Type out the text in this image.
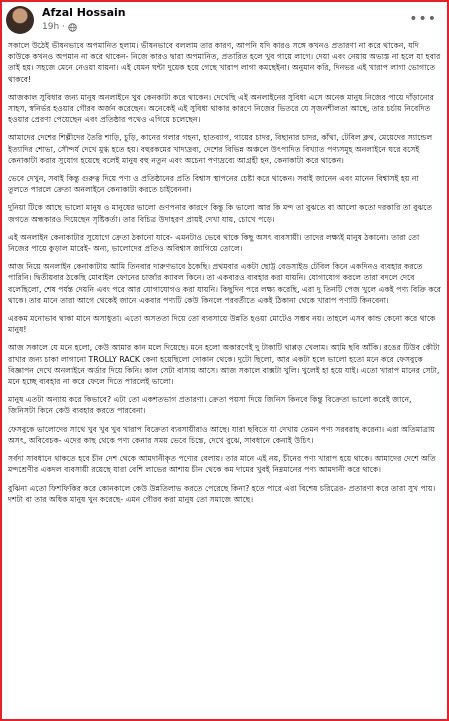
Afzal Hossain
19h ·	•••

সকালে উঠেই ভীষনভাবে অপমানিত হলাম। ভীষনভাবে বললাম তার কারণ, আপনি যদি কারও সঙ্গে কখনও প্রতারণা না করে থাকেন, যদি কাউকে কখনও অপমান না করে থাকেন- নিজে কারও দ্বারা অপমানিত, প্রতারিত হলে খুব গায়ে লাগে। দেয়া এবং নেয়ায় অভ্যস্ত না হলে যা হবার তাই হয়। সহজে মেনে নেওয়া যায়না। এই যেমন ঘন্টা দুয়েক হয়ে গেছে খারাপ লাগা কমছেইনা। অনুমান করি, দিনভর এই খারাপ লাগা ভোগাতে থাকবে!

আজকাল সুবিধার জন্য মানুষ অনলাইনে খুব কেনকাটা করে থাকেন। দেখেছি এই অনলাইনের সুবিধা এসে অনেক মানুষ নিজের পায়ে দাঁড়ানোর সাহস, স্বনির্ভর হওয়ার গৌরব অর্জন করেছেন। অনেকেই এই সুবিধা থাকার কারণে নিজের ভিতরে যে সৃজনশীলতা আছে, তার চর্চায় নিবেদিত হওয়ার প্রেরণা পেয়েছেন এবং প্রতিষ্ঠার পথেও এগিয়ে চলেছেন।

আমাদের দেশের শিল্পীদের তৈরি শাড়ি, চুড়ি, কানের গলার গহনা, হাতব্যাগ, গায়ের চাদর, বিছানার চাদর, কাঁথা, টেবিল ক্লথ, মেয়েদের স্যান্ডেল ইত্যাদির শোভা, সৌন্দর্য দেখে মুগ্ধ হতে হয়। বহুরকমের খাদ্যদ্রব্য, দেশের বিভিন্ন অঞ্চলে উৎপাদিত বিখ্যাত পণ্যসমূহ অনলাইনে ঘরে বসেই কেনাকাটা করার সুযোগ হয়েছে বলেই মানুষ বহু নতুন এবং অচেনা পণ্যদ্রব্যে আগ্রহী হন, কেনাকাটা করে থাকেন।

ভেবে দেখুন, সবাই কিন্তু গুরুত্ব দিয়ে পণ্য ও প্রতিষ্ঠানের প্রতি বিশ্বাস স্থাপনের চেষ্টা করে থাকেন। সবাই জানেন এবং মানেন বিশ্বাসই হয় না তুলতে পারলে ক্রেতা অনলাইনে কেনাকাটা করতে চাইবেননা।

দুনিয়া টিকে আছে ভালো মানুষ ও মানুষের ভালো গুণপনার কারণে কিন্তু কি ভালো আর কি মন্দ তা বুঝতে বা আলো কতো দরকারি তা বুঝতে জগতে অন্ধকারও দিয়েছেন সৃষ্টিকর্তা। তার বিচিত্র উদাহরণ প্রায়ই দেখা যায়, চোখে পড়ে।

এই অনলাইন কেনাকাটার সুযোগে ক্রেতা ঠকানো যাবে- এমনটাও ভেবে থাকে কিছু অসৎ ব্যবসায়ী। তাদের লক্ষ্যই মানুষ ঠকানো। তারা তো নিজের পায়ে কুড়াল মারেই- অন্য, ভালোদের প্রতিও অবিশ্বাস জাগিয়ে তোলে।

আজ নিয়ে অনলাইন কেনাকাটায় আমি তিনবার দারুণভাবে ঠকেছি। প্রথমবার একটা ছোট্ট বেডসাইড টেবিল কিনে একদিনও ব্যবহার করতে পারিনি। দ্বিতীয়বার ঠকেছি মোবাইল ফোনের চার্জার ক্যাবল কিনে। তা একবারও ব্যবহার করা যায়নি। যোগাযোগ করলে তারা বদলে দেবে বলেছিলো, শেষ পর্যন্ত দেয়নি এবং পরে আর যোগাযোগও করা যায়নি। কিছুদিন পরে লক্ষ্য করেছি, এরা দু তিনটি পেজ খুলে একই পণ্য বিক্রি করে থাকে। তার মানে তারা আগে থেকেই জানে একবার পণ্যটি কেউ কিনলে পরবর্তীতে একই ঠিকানা থেকে খারাপ পণ্যটি কিনবেনা।

এরকম মনোভাব থাকা মানে অসাধুতা। এতো অসততা দিয়ে তো ব্যবসায়ে উন্নতি হওয়া মোটেও সম্ভব নয়। তাহলে এসব কান্ড কেনো করে থাকে মানুষ!

আজ সকালে যে মনে হলো, কেউ আমার কান মলে দিয়েছে। মনে হলো অকারণেই দু টাকাটি থাপ্পড় খেলাম। আমি ছবি আঁকি। রঙের টিউব কৌটা রাখার জন্য চাকা লাগানো TROLLY RACK কেনা হয়েছিলো দোকান থেকে। দুটো ছিলো, আর একটা হলে ভালো হতো মনে করে ফেসবুকে বিজ্ঞাপন দেখে অনলাইনে অর্ডার দিয়ে কিনি। কাল সেটা বাসায় আসে। আজ সকালে বাক্সটা খুলি। খুলেই হা হয়ে যাই। এতো খারাপ মানের সেটা, মনে হচ্ছে ব্যবহার না করে ফেলে দিতে পারলেই ভালো।

মানুষ এতটা অন্যায় করে কিভাবে? এটা তো একশতভাগ প্রতারণা। ক্রেতা পয়সা দিয়ে জিনিস কিনবে কিন্তু বিক্রেতা ভালো করেই জানে, জিনিসটা কিনে কেউ ব্যবহার করতে পারবেনা।

ফেসবুকে ভালোদের সাথে খুব খুব খুব খারাপ বিক্রেতা ব্যবসায়ীরাও আছে। যারা ছবিতে যা দেখায় তেমন পণ্য সরবরাহ করেনা। এরা অতিমাত্রায় অসৎ, অবিবেচক- এদের কাছ থেকে পণ্য কেনার সময় ভেবে চিন্তে, দেখে বুঝে, সাবধানে কেনাই উচিৎ।

সর্বদা সাবধানে থাকতে হবে চীন দেশ থেকে আমদানীকৃত পণ্যের বেলায়। তার মানে এই নয়, চীনের পণ্য খারাপ হয়ে থাকে। আমাদের দেশে অতি মন্দশ্রেণীর একদল ব্যবসায়ী রয়েছে যারা বেশি লাভের আশায় চীন থেকে কম দামের খুবই নিম্নমানের পণ্য আমদানী করে থাকে।

বুঝিনা এতো ফিশফিকির করে কোনকালে কেউ উন্নতিলাভ করতে পেরেছে কিনা? হতে পারে এরা বিশেষ চরিত্রের- প্রতারণা করে তারা সুখ পায়। দশটা বা তার অধিক মানুষ খুন করেছে- এমন গৌরব করা মানুষ তো সমাজে আছে।
